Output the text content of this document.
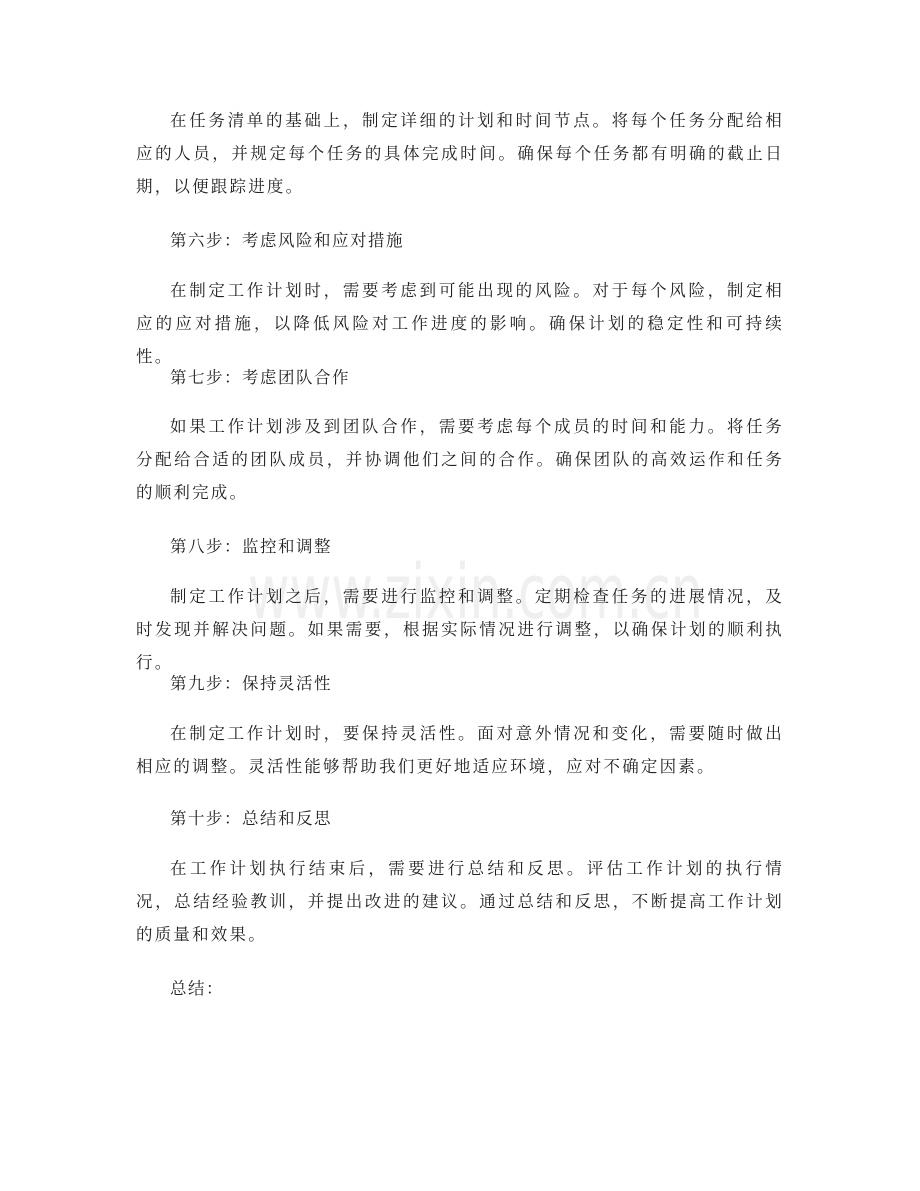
www.zixin.com.cn

在任务清单的基础上，制定详细的计划和时间节点。将每个任务分配给相应的人员，并规定每个任务的具体完成时间。确保每个任务都有明确的截止日期，以便跟踪进度。

第六步：考虑风险和应对措施

在制定工作计划时，需要考虑到可能出现的风险。对于每个风险，制定相应的应对措施，以降低风险对工作进度的影响。确保计划的稳定性和可持续性。

第七步：考虑团队合作

如果工作计划涉及到团队合作，需要考虑每个成员的时间和能力。将任务分配给合适的团队成员，并协调他们之间的合作。确保团队的高效运作和任务的顺利完成。

第八步：监控和调整

制定工作计划之后，需要进行监控和调整。定期检查任务的进展情况，及时发现并解决问题。如果需要，根据实际情况进行调整，以确保计划的顺利执行。

第九步：保持灵活性

在制定工作计划时，要保持灵活性。面对意外情况和变化，需要随时做出相应的调整。灵活性能够帮助我们更好地适应环境，应对不确定因素。

第十步：总结和反思

在工作计划执行结束后，需要进行总结和反思。评估工作计划的执行情况，总结经验教训，并提出改进的建议。通过总结和反思，不断提高工作计划的质量和效果。

总结：
